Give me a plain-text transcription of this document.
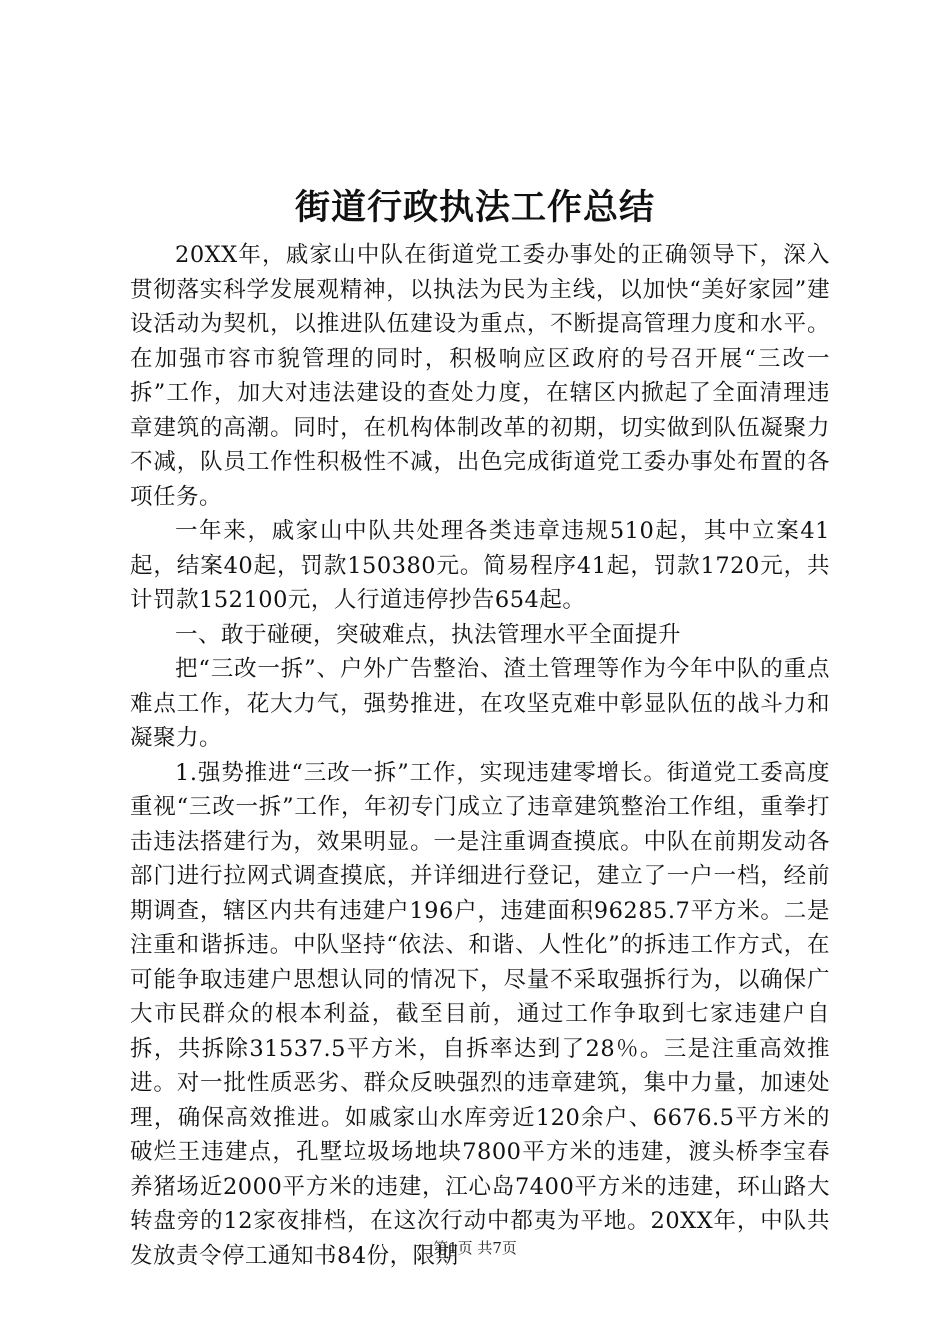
街道行政执法工作总结

20XX年，戚家山中队在街道党工委办事处的正确领导下，深入贯彻落实科学发展观精神，以执法为民为主线，以加快“美好家园”建设活动为契机，以推进队伍建设为重点，不断提高管理力度和水平。在加强市容市貌管理的同时，积极响应区政府的号召开展“三改一拆”工作，加大对违法建设的查处力度，在辖区内掀起了全面清理违章建筑的高潮。同时，在机构体制改革的初期，切实做到队伍凝聚力不减，队员工作性积极性不减，出色完成街道党工委办事处布置的各项任务。

一年来，戚家山中队共处理各类违章违规510起，其中立案41起，结案40起，罚款150380元。简易程序41起，罚款1720元，共计罚款152100元，人行道违停抄告654起。

一、敢于碰硬，突破难点，执法管理水平全面提升

把“三改一拆”、户外广告整治、渣土管理等作为今年中队的重点难点工作，花大力气，强势推进，在攻坚克难中彰显队伍的战斗力和凝聚力。

1.强势推进“三改一拆”工作，实现违建零增长。街道党工委高度重视“三改一拆”工作，年初专门成立了违章建筑整治工作组，重拳打击违法搭建行为，效果明显。一是注重调查摸底。中队在前期发动各部门进行拉网式调查摸底，并详细进行登记，建立了一户一档，经前期调查，辖区内共有违建户196户，违建面积96285.7平方米。二是注重和谐拆违。中队坚持“依法、和谐、人性化”的拆违工作方式，在可能争取违建户思想认同的情况下，尽量不采取强拆行为，以确保广大市民群众的根本利益，截至目前，通过工作争取到七家违建户自拆，共拆除31537.5平方米，自拆率达到了28％。三是注重高效推进。对一批性质恶劣、群众反映强烈的违章建筑，集中力量，加速处理，确保高效推进。如戚家山水库旁近120余户、6676.5平方米的破烂王违建点，孔墅垃圾场地块7800平方米的违建，渡头桥李宝春养猪场近2000平方米的违建，江心岛7400平方米的违建，环山路大转盘旁的12家夜排档，在这次行动中都夷为平地。20XX年，中队共发放责令停工通知书84份，限期

第1页 共7页
